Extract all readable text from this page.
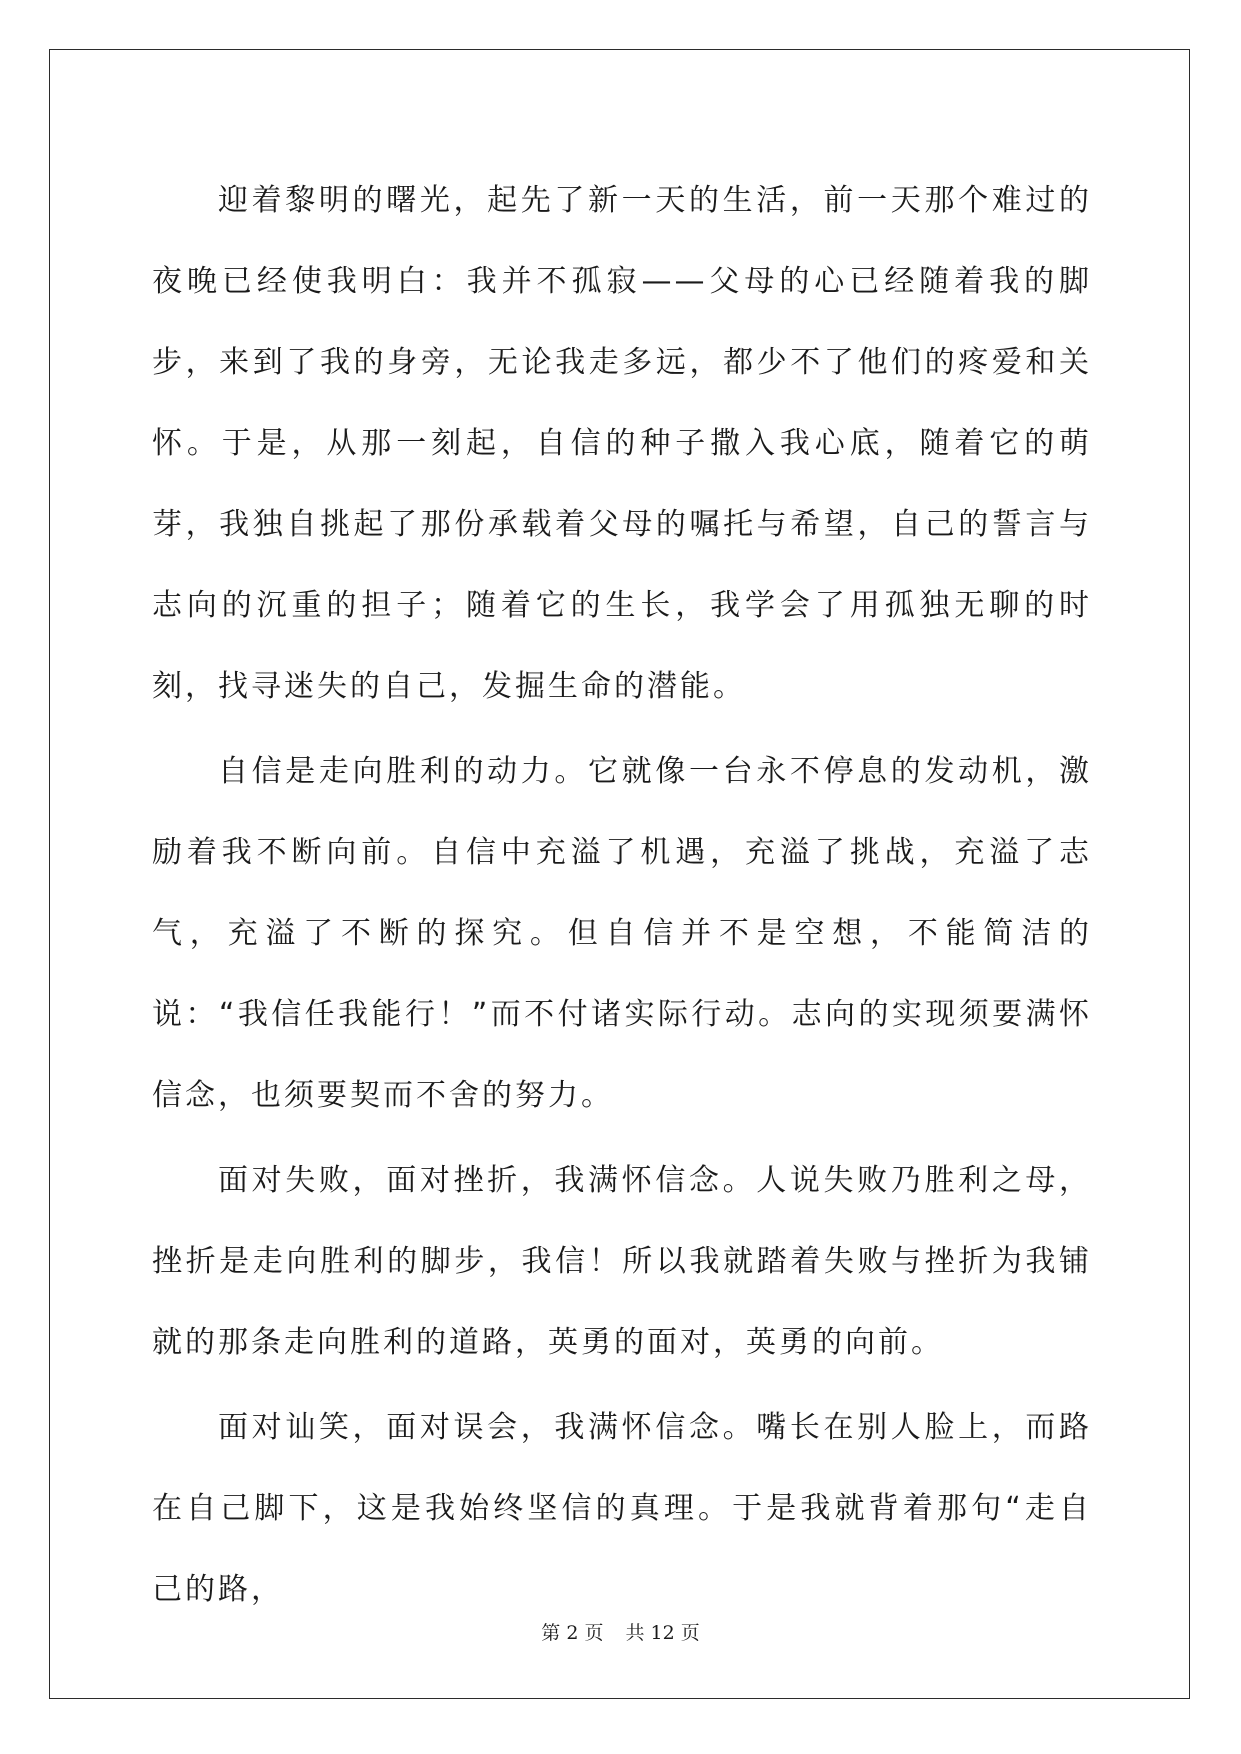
迎着黎明的曙光，起先了新一天的生活，前一天那个难过的夜晚已经使我明白：我并不孤寂——父母的心已经随着我的脚步，来到了我的身旁，无论我走多远，都少不了他们的疼爱和关怀。于是，从那一刻起，自信的种子撒入我心底，随着它的萌芽，我独自挑起了那份承载着父母的嘱托与希望，自己的誓言与志向的沉重的担子；随着它的生长，我学会了用孤独无聊的时刻，找寻迷失的自己，发掘生命的潜能。

自信是走向胜利的动力。它就像一台永不停息的发动机，激励着我不断向前。自信中充溢了机遇，充溢了挑战，充溢了志气，充溢了不断的探究。但自信并不是空想，不能简洁的说：“我信任我能行！”而不付诸实际行动。志向的实现须要满怀信念，也须要契而不舍的努力。

面对失败，面对挫折，我满怀信念。人说失败乃胜利之母，挫折是走向胜利的脚步，我信！所以我就踏着失败与挫折为我铺就的那条走向胜利的道路，英勇的面对，英勇的向前。

面对讪笑，面对误会，我满怀信念。嘴长在别人脸上，而路在自己脚下，这是我始终坚信的真理。于是我就背着那句“走自己的路，

第 2 页 共 12 页
